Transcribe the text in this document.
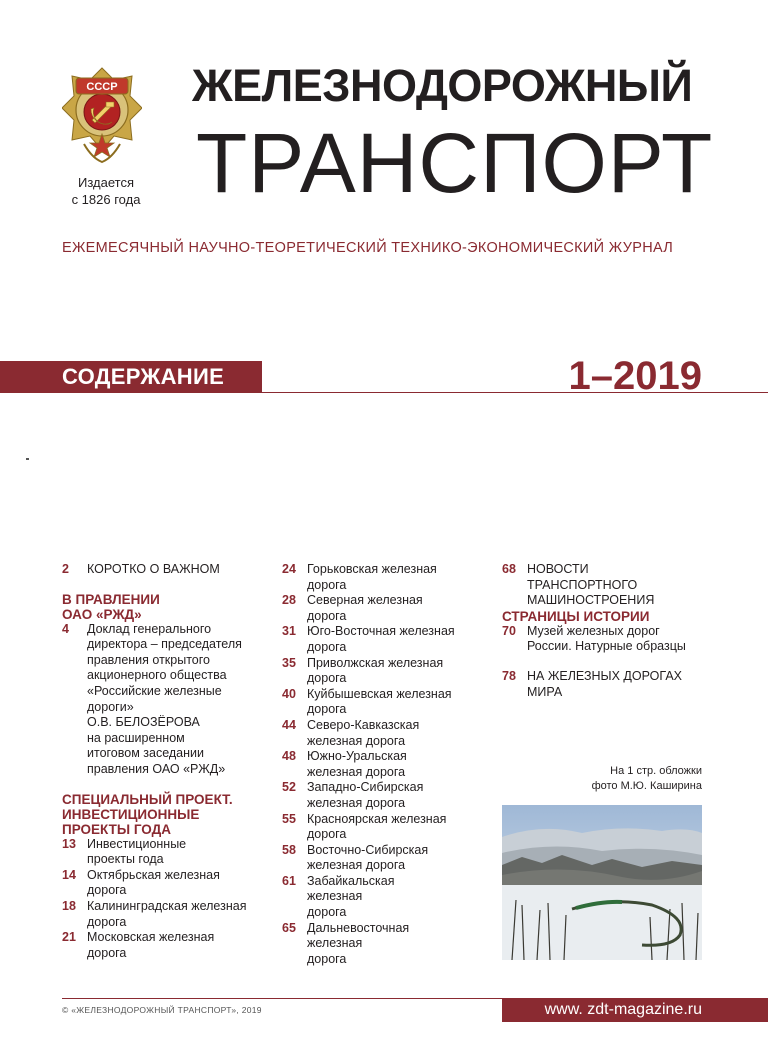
СССР
Издается
с 1826 года
ЖЕЛЕЗНОДОРОЖНЫЙ
ТРАНСПОРТ
ЕЖЕМЕСЯЧНЫЙ НАУЧНО-ТЕОРЕТИЧЕСКИЙ ТЕХНИКО-ЭКОНОМИЧЕСКИЙ ЖУРНАЛ
СОДЕРЖАНИЕ	1–2019
2 КОРОТКО О ВАЖНОМ
В ПРАВЛЕНИИ
ОАО «РЖД»
4 Доклад генерального
директора – председателя
правления открытого
акционерного общества
«Российские железные
дороги»
О.В. БЕЛОЗЁРОВА
на расширенном
итоговом заседании
правления ОАО «РЖД»
СПЕЦИАЛЬНЫЙ ПРОЕКТ.
ИНВЕСТИЦИОННЫЕ
ПРОЕКТЫ ГОДА
13 Инвестиционные
проекты года
14 Октябрьская железная
дорога
18 Калининградская железная
дорога
21 Московская железная
дорога
24 Горьковская железная
дорога
28 Северная железная
дорога
31 Юго-Восточная железная
дорога
35 Приволжская железная
дорога
40 Куйбышевская железная
дорога
44 Северо-Кавказская
железная дорога
48 Южно-Уральская
железная дорога
52 Западно-Сибирская
железная дорога
55 Красноярская железная
дорога
58 Восточно-Сибирская
железная дорога
61 Забайкальская
железная
дорога
65 Дальневосточная
железная
дорога
68 НОВОСТИ
ТРАНСПОРТНОГО
МАШИНОСТРОЕНИЯ
СТРАНИЦЫ ИСТОРИИ
70 Музей железных дорог
России. Натурные образцы
78 НА ЖЕЛЕЗНЫХ ДОРОГАХ
МИРА
На 1 стр. обложки
фото М.Ю. Каширина
© «ЖЕЛЕЗНОДОРОЖНЫЙ ТРАНСПОРТ», 2019	www. zdt-magazine.ru
